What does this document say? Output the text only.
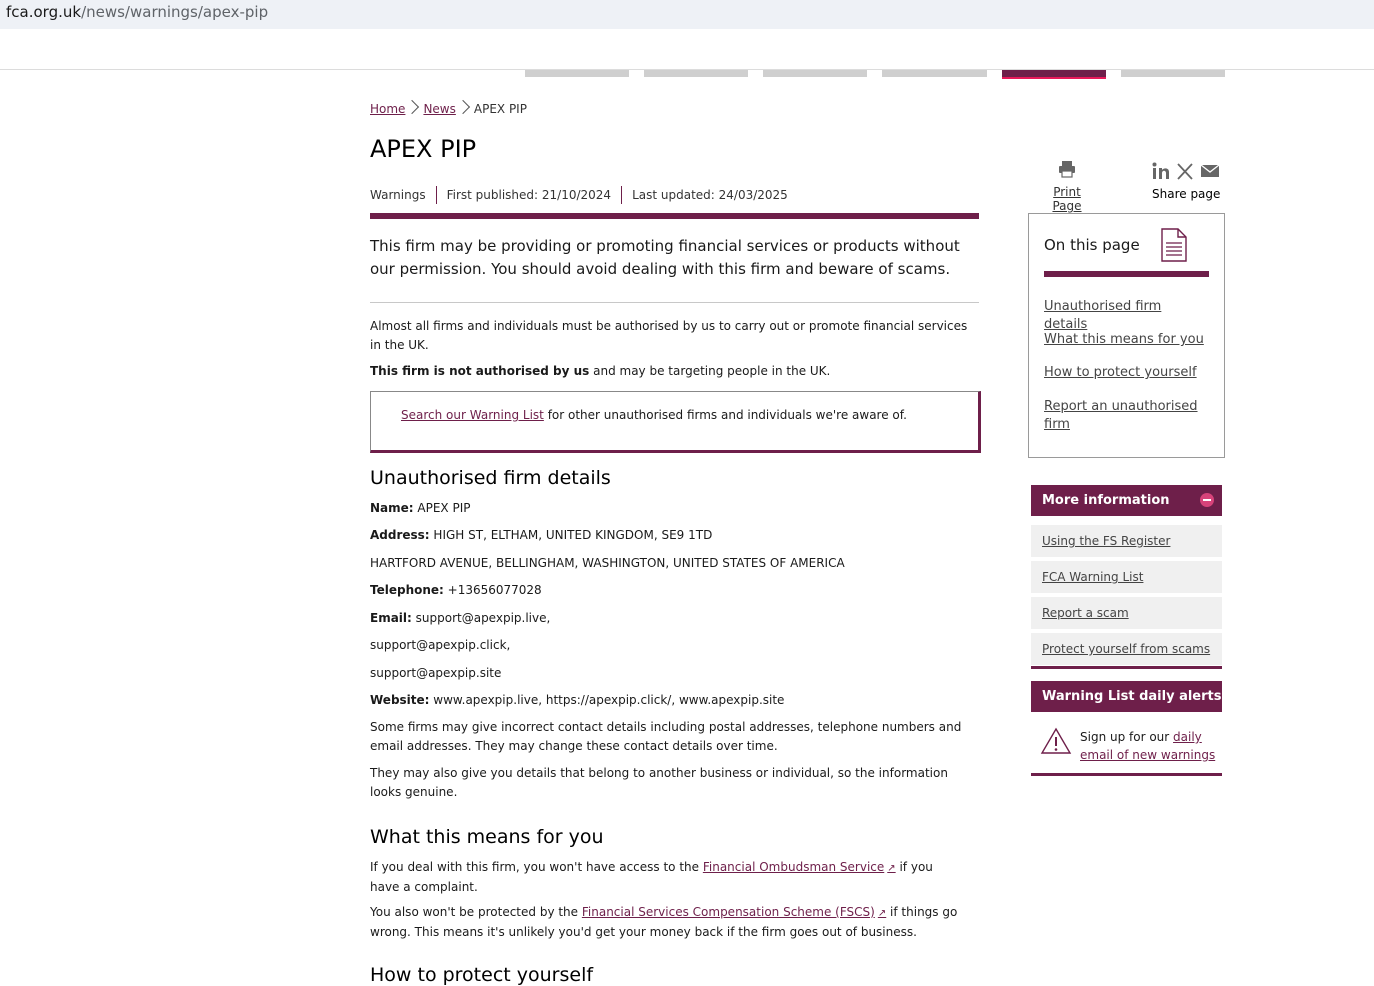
fca.org.uk/news/warnings/apex-pip
Home News APEX PIP
APEX PIP
Warnings First published: 21/10/2024 Last updated: 24/03/2025

This firm may be providing or promoting financial services or products without our permission. You should avoid dealing with this firm and beware of scams.

Almost all firms and individuals must be authorised by us to carry out or promote financial services in the UK.

This firm is not authorised by us and may be targeting people in the UK.

Search our Warning List for other unauthorised firms and individuals we're aware of.

Unauthorised firm details
Name: APEX PIP
Address: HIGH ST, ELTHAM, UNITED KINGDOM, SE9 1TD
HARTFORD AVENUE, BELLINGHAM, WASHINGTON, UNITED STATES OF AMERICA
Telephone: +13656077028
Email: support@apexpip.live,
support@apexpip.click,
support@apexpip.site
Website: www.apexpip.live, https://apexpip.click/, www.apexpip.site

Some firms may give incorrect contact details including postal addresses, telephone numbers and email addresses. They may change these contact details over time.

They may also give you details that belong to another business or individual, so the information looks genuine.

What this means for you

If you deal with this firm, you won't have access to the Financial Ombudsman Service ↗ if you have a complaint.

You also won't be protected by the Financial Services Compensation Scheme (FSCS) ↗ if things go wrong. This means it's unlikely you'd get your money back if the firm goes out of business.

How to protect yourself
Print Page
Share page
On this page
Unauthorised firm details
What this means for you
How to protect yourself
Report an unauthorised firm
More information
Using the FS Register
FCA Warning List
Report a scam
Protect yourself from scams
Warning List daily alerts
Sign up for our daily email of new warnings
